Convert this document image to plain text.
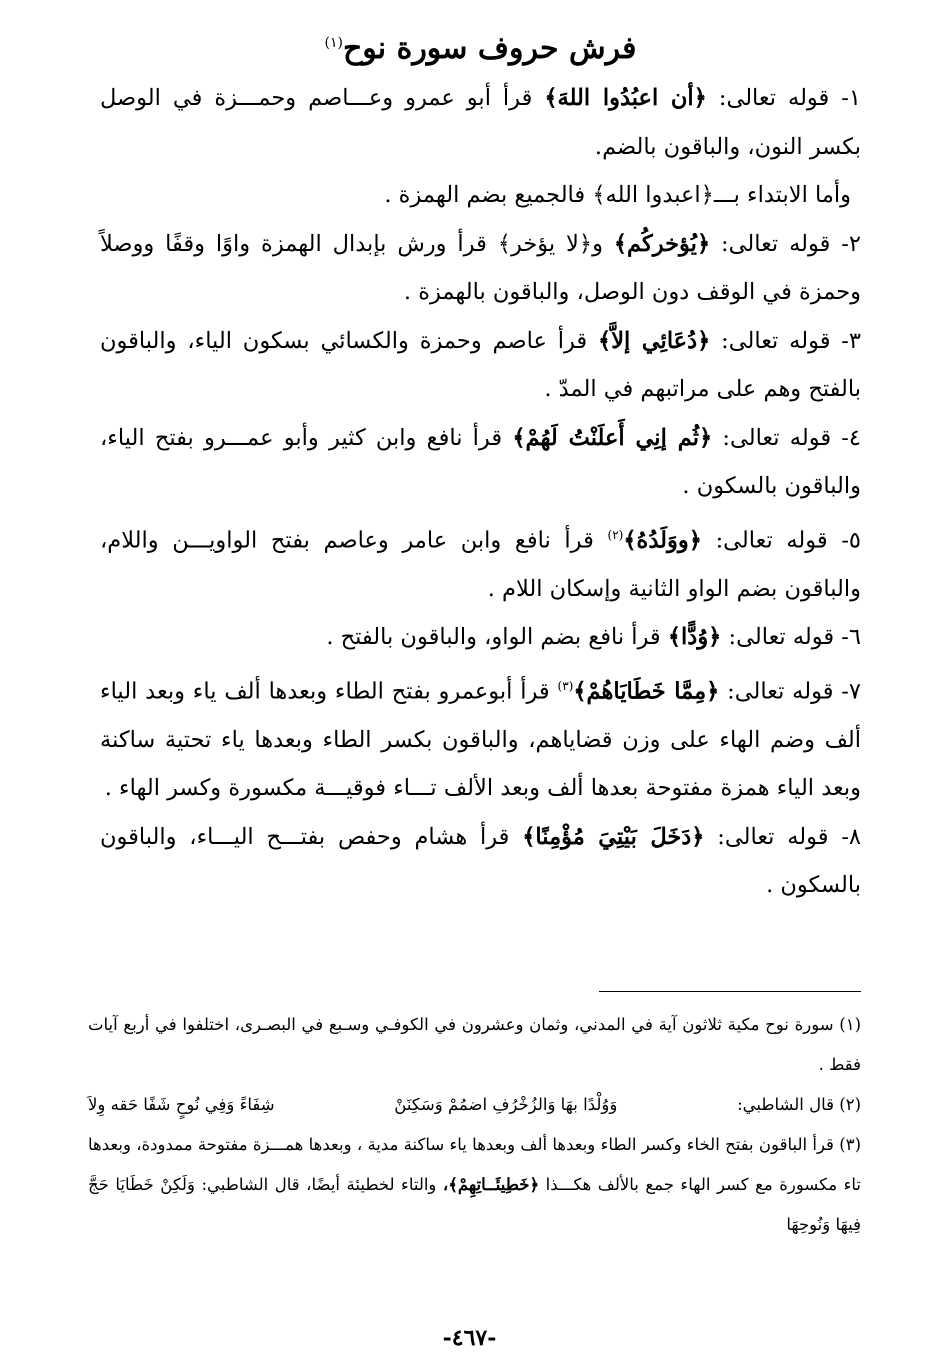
فرش حروف سورة نوح$^{(١)}$

١- قوله تعالى: ﴿أن اعبُدُوا اللهَ﴾ قرأ أبو عمرو وعـــاصم وحمـــزة في الوصل بكسر النون، والباقون بالضم.

وأما الابتداء بـــ﴿اعبدوا الله﴾ فالجميع بضم الهمزة .

٢- قوله تعالى: ﴿يُؤخركُم﴾ و﴿لا يؤخر﴾ قرأ ورش بإبدال الهمزة واوًا وقفًا ووصلاً وحمزة في الوقف دون الوصل، والباقون بالهمزة .

٣- قوله تعالى: ﴿دُعَائِي إلاَّ﴾ قرأ عاصم وحمزة والكسائي بسكون الياء، والباقون بالفتح وهم على مراتبهم في المدّ .

٤- قوله تعالى: ﴿ثُم إنِي أَعلَنْتُ لَهُمْ﴾ قرأ نافع وابن كثير وأبو عمـــرو بفتح الياء، والباقون بالسكون .

٥- قوله تعالى: ﴿ووَلَدُهُ﴾$^{(٢)}$ قرأ نافع وابن عامر وعاصم بفتح الواويـــن واللام، والباقون بضم الواو الثانية وإسكان اللام .

٦- قوله تعالى: ﴿وُدًّا﴾ قرأ نافع بضم الواو، والباقون بالفتح .

٧- قوله تعالى: ﴿مِمَّا خَطَايَاهُمْ﴾$^{(٣)}$ قرأ أبوعمرو بفتح الطاء وبعدها ألف ياء وبعد الياء ألف وضم الهاء على وزن قضاياهم، والباقون بكسر الطاء وبعدها ياء تحتية ساكنة وبعد الياء همزة مفتوحة بعدها ألف وبعد الألف تـــاء فوقيـــة مكسورة وكسر الهاء .

٨- قوله تعالى: ﴿دَخَلَ بَيْتِيَ مُؤْمِنًا﴾ قرأ هشام وحفص بفتـــح اليـــاء، والباقون بالسكون .

(١) سورة نوح مكية ثلاثون آية في المدني، وثمان وعشرون في الكوفـي وسـبع في البصـرى، اختلفوا في أربع آيات فقط .

(٢) قال الشاطبي:
وَوُلْدًا بهَا وَالزُخْرُفِ اضمُمْ وَسَكِنَنْ
شِفَاءً وَفِي نُوحٍ شَفًا حَقه وِلاَ

(٣) قرأ الباقون بفتح الخاء وكسر الطاء وبعدها ألف وبعدها ياء ساكنة مدية ، وبعدها همـــزة مفتوحة ممدودة، وبعدها تاء مكسورة مع كسر الهاء جمع بالألف هكـــذا ﴿خَطِيئَــاتِهِمْ﴾، والتاء لخطيئة أيضًا، قال الشاطبي: وَلَكِنْ خَطَايَا حَجَّ فِيهَا وَنُوحِهَا

-٤٦٧-
